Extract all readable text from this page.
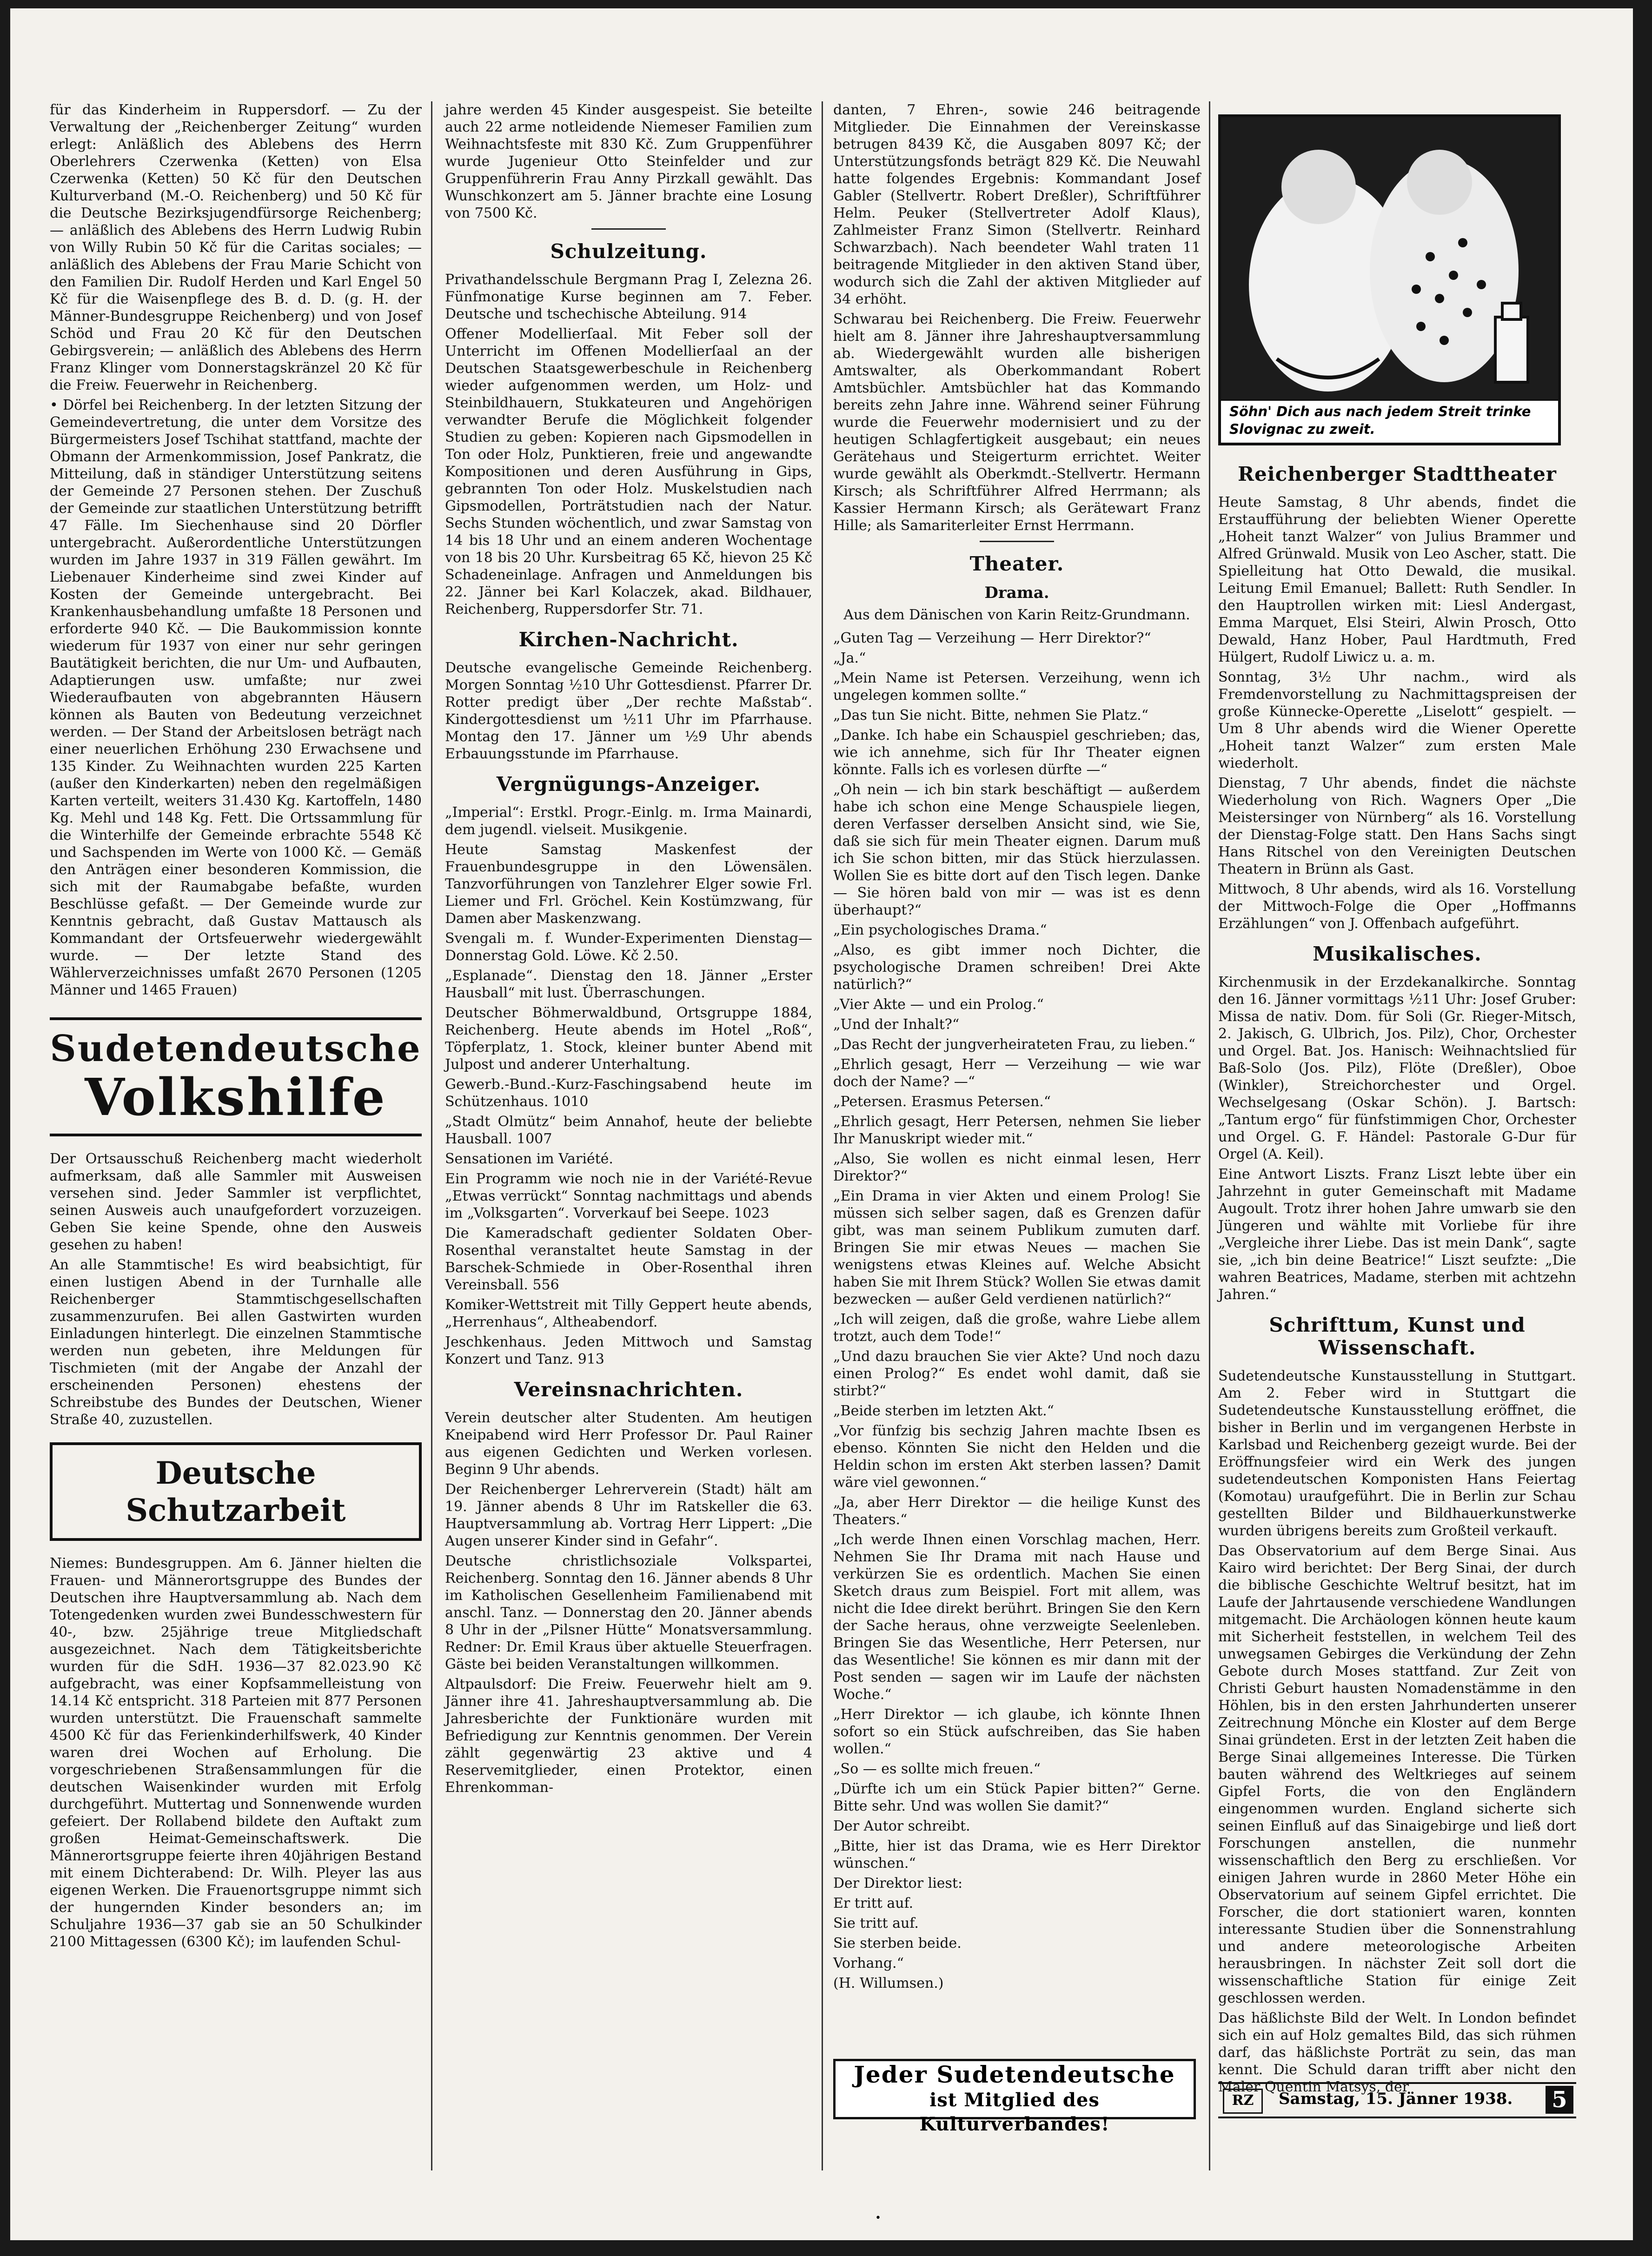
für das Kinderheim in Ruppersdorf. — Zu der Verwaltung der „Reichenberger Zeitung“ wurden erlegt: Anläßlich des Ablebens des Herrn Oberlehrers Czerwenka (Ketten) von Elsa Czerwenka (Ketten) 50 Kč für den Deutschen Kulturverband (M.-O. Reichenberg) und 50 Kč für die Deutsche Bezirksjugendfürsorge Reichenberg; — anläßlich des Ablebens des Herrn Ludwig Rubin von Willy Rubin 50 Kč für die Caritas sociales; — anläßlich des Ablebens der Frau Marie Schicht von den Familien Dir. Rudolf Herden und Karl Engel 50 Kč für die Waisenpflege des B. d. D. (g. H. der Männer-Bundesgruppe Reichenberg) und von Josef Schöd und Frau 20 Kč für den Deutschen Gebirgsverein; — anläßlich des Ablebens des Herrn Franz Klinger vom Donnerstagskränzel 20 Kč für die Freiw. Feuerwehr in Reichenberg.

• Dörfel bei Reichenberg. In der letzten Sitzung der Gemeindevertretung, die unter dem Vorsitze des Bürgermeisters Josef Tschihat stattfand, machte der Obmann der Armenkommission, Josef Pankratz, die Mitteilung, daß in ständiger Unterstützung seitens der Gemeinde 27 Personen stehen. Der Zuschuß der Gemeinde zur staatlichen Unterstützung betrifft 47 Fälle. Im Siechenhause sind 20 Dörfler untergebracht. Außerordentliche Unterstützungen wurden im Jahre 1937 in 319 Fällen gewährt. Im Liebenauer Kinderheime sind zwei Kinder auf Kosten der Gemeinde untergebracht. Bei Krankenhausbehandlung umfaßte 18 Personen und erforderte 940 Kč. — Die Baukommission konnte wiederum für 1937 von einer nur sehr geringen Bautätigkeit berichten, die nur Um- und Aufbauten, Adaptierungen usw. umfaßte; nur zwei Wiederaufbauten von abgebrannten Häusern können als Bauten von Bedeutung verzeichnet werden. — Der Stand der Arbeitslosen beträgt nach einer neuerlichen Erhöhung 230 Erwachsene und 135 Kinder. Zu Weihnachten wurden 225 Karten (außer den Kinderkarten) neben den regelmäßigen Karten verteilt, weiters 31.430 Kg. Kartoffeln, 1480 Kg. Mehl und 148 Kg. Fett. Die Ortssammlung für die Winterhilfe der Gemeinde erbrachte 5548 Kč und Sachspenden im Werte von 1000 Kč. — Gemäß den Anträgen einer besonderen Kommission, die sich mit der Raumabgabe befaßte, wurden Beschlüsse gefaßt. — Der Gemeinde wurde zur Kenntnis gebracht, daß Gustav Mattausch als Kommandant der Ortsfeuerwehr wiedergewählt wurde. — Der letzte Stand des Wählerverzeichnisses umfaßt 2670 Personen (1205 Männer und 1465 Frauen)

Sudetendeutsche
Volkshilfe

Der Ortsausschuß Reichenberg macht wiederholt aufmerksam, daß alle Sammler mit Ausweisen versehen sind. Jeder Sammler ist verpflichtet, seinen Ausweis auch unaufgefordert vorzuzeigen. Geben Sie keine Spende, ohne den Ausweis gesehen zu haben!

An alle Stammtische! Es wird beabsichtigt, für einen lustigen Abend in der Turnhalle alle Reichenberger Stammtischgesellschaften zusammenzurufen. Bei allen Gastwirten wurden Einladungen hinterlegt. Die einzelnen Stammtische werden nun gebeten, ihre Meldungen für Tischmieten (mit der Angabe der Anzahl der erscheinenden Personen) ehestens der Schreibstube des Bundes der Deutschen, Wiener Straße 40, zuzustellen.

Deutsche Schutzarbeit

Niemes: Bundesgruppen. Am 6. Jänner hielten die Frauen- und Männerortsgruppe des Bundes der Deutschen ihre Hauptversammlung ab. Nach dem Totengedenken wurden zwei Bundesschwestern für 40-, bzw. 25jährige treue Mitgliedschaft ausgezeichnet. Nach dem Tätigkeitsberichte wurden für die SdH. 1936—37 82.023.90 Kč aufgebracht, was einer Kopfsammelleistung von 14.14 Kč entspricht. 318 Parteien mit 877 Personen wurden unterstützt. Die Frauenschaft sammelte 4500 Kč für das Ferienkinderhilfswerk, 40 Kinder waren drei Wochen auf Erholung. Die vorgeschriebenen Straßensammlungen für die deutschen Waisenkinder wurden mit Erfolg durchgeführt. Muttertag und Sonnenwende wurden gefeiert. Der Rollabend bildete den Auftakt zum großen Heimat-Gemeinschaftswerk. Die Männerortsgruppe feierte ihren 40jährigen Bestand mit einem Dichterabend: Dr. Wilh. Pleyer las aus eigenen Werken. Die Frauenortsgruppe nimmt sich der hungernden Kinder besonders an; im Schuljahre 1936—37 gab sie an 50 Schulkinder 2100 Mittagessen (6300 Kč); im laufenden Schul-

jahre werden 45 Kinder ausgespeist. Sie beteilte auch 22 arme notleidende Niemeser Familien zum Weihnachtsfeste mit 830 Kč. Zum Gruppenführer wurde Jugenieur Otto Steinfelder und zur Gruppenführerin Frau Anny Pirzkall gewählt. Das Wunschkonzert am 5. Jänner brachte eine Losung von 7500 Kč.

Schulzeitung.

Privathandelsschule Bergmann Prag I, Zelezna 26. Fünfmonatige Kurse beginnen am 7. Feber. Deutsche und tschechische Abteilung. 914

Offener Modellierſaal. Mit Feber soll der Unterricht im Offenen Modellierſaal an der Deutschen Staatsgewerbeschule in Reichenberg wieder aufgenommen werden, um Holz- und Steinbildhauern, Stukkateuren und Angehörigen verwandter Berufe die Möglichkeit folgender Studien zu geben: Kopieren nach Gipsmodellen in Ton oder Holz, Punktieren, freie und angewandte Kompositionen und deren Ausführung in Gips, gebrannten Ton oder Holz. Muskelstudien nach Gipsmodellen, Porträtstudien nach der Natur. Sechs Stunden wöchentlich, und zwar Samstag von 14 bis 18 Uhr und an einem anderen Wochentage von 18 bis 20 Uhr. Kursbeitrag 65 Kč, hievon 25 Kč Schadeneinlage. Anfragen und Anmeldungen bis 22. Jänner bei Karl Kolaczek, akad. Bildhauer, Reichenberg, Ruppersdorfer Str. 71.

Kirchen-Nachricht.

Deutsche evangelische Gemeinde Reichenberg. Morgen Sonntag ½10 Uhr Gottesdienst. Pfarrer Dr. Rotter predigt über „Der rechte Maßstab“. Kindergottesdienst um ½11 Uhr im Pfarrhause. Montag den 17. Jänner um ½9 Uhr abends Erbauungsstunde im Pfarrhause.

Vergnügungs-Anzeiger.

„Imperial“: Erstkl. Progr.-Einlg. m. Irma Mainardi, dem jugendl. vielseit. Musikgenie.

Heute Samstag Maskenfest der Frauenbundesgruppe in den Löwensälen. Tanzvorführungen von Tanzlehrer Elger sowie Frl. Liemer und Frl. Gröchel. Kein Kostümzwang, für Damen aber Maskenzwang.

Svengali m. f. Wunder-Experimenten Dienstag—Donnerstag Gold. Löwe. Kč 2.50.

„Esplanade“. Dienstag den 18. Jänner „Erster Hausball“ mit lust. Überraschungen.

Deutscher Böhmerwaldbund, Ortsgruppe 1884, Reichenberg. Heute abends im Hotel „Roß“, Töpferplatz, 1. Stock, kleiner bunter Abend mit Julpost und anderer Unterhaltung.

Gewerb.-Bund.-Kurz-Faschingsabend heute im Schützenhaus. 1010

„Stadt Olmütz“ beim Annahof, heute der beliebte Hausball. 1007

Sensationen im Variété.

Ein Programm wie noch nie in der Variété-Revue „Etwas verrückt“ Sonntag nachmittags und abends im „Volksgarten“. Vorverkauf bei Seepe. 1023

Die Kameradschaft gedienter Soldaten Ober-Rosenthal veranstaltet heute Samstag in der Barschek-Schmiede in Ober-Rosenthal ihren Vereinsball. 556

Komiker-Wettstreit mit Tilly Geppert heute abends, „Herrenhaus“, Altheabendorf.

Jeschkenhaus. Jeden Mittwoch und Samstag Konzert und Tanz. 913

Vereinsnachrichten.

Verein deutscher alter Studenten. Am heutigen Kneipabend wird Herr Professor Dr. Paul Rainer aus eigenen Gedichten und Werken vorlesen. Beginn 9 Uhr abends.

Der Reichenberger Lehrerverein (Stadt) hält am 19. Jänner abends 8 Uhr im Ratskeller die 63. Hauptversammlung ab. Vortrag Herr Lippert: „Die Augen unserer Kinder sind in Gefahr“.

Deutsche christlichsoziale Volkspartei, Reichenberg. Sonntag den 16. Jänner abends 8 Uhr im Katholischen Gesellenheim Familienabend mit anschl. Tanz. — Donnerstag den 20. Jänner abends 8 Uhr in der „Pilsner Hütte“ Monatsversammlung. Redner: Dr. Emil Kraus über aktuelle Steuerfragen. Gäste bei beiden Veranstaltungen willkommen.

Altpaulsdorf: Die Freiw. Feuerwehr hielt am 9. Jänner ihre 41. Jahreshauptversammlung ab. Die Jahresberichte der Funktionäre wurden mit Befriedigung zur Kenntnis genommen. Der Verein zählt gegenwärtig 23 aktive und 4 Reservemitglieder, einen Protektor, einen Ehrenkomman-

danten, 7 Ehren-, sowie 246 beitragende Mitglieder. Die Einnahmen der Vereinskasse betrugen 8439 Kč, die Ausgaben 8097 Kč; der Unterstützungsfonds beträgt 829 Kč. Die Neuwahl hatte folgendes Ergebnis: Kommandant Josef Gabler (Stellvertr. Robert Dreßler), Schriftführer Helm. Peuker (Stellvertreter Adolf Klaus), Zahlmeister Franz Simon (Stellvertr. Reinhard Schwarzbach). Nach beendeter Wahl traten 11 beitragende Mitglieder in den aktiven Stand über, wodurch sich die Zahl der aktiven Mitglieder auf 34 erhöht.

Schwarau bei Reichenberg. Die Freiw. Feuerwehr hielt am 8. Jänner ihre Jahreshauptversammlung ab. Wiedergewählt wurden alle bisherigen Amtswalter, als Oberkommandant Robert Amtsbüchler. Amtsbüchler hat das Kommando bereits zehn Jahre inne. Während seiner Führung wurde die Feuerwehr modernisiert und zu der heutigen Schlagfertigkeit ausgebaut; ein neues Gerätehaus und Steigerturm errichtet. Weiter wurde gewählt als Oberkmdt.-Stellvertr. Hermann Kirsch; als Schriftführer Alfred Herrmann; als Kassier Hermann Kirsch; als Gerätewart Franz Hille; als Samariterleiter Ernst Herrmann.

Theater.
Drama.
Aus dem Dänischen von Karin Reitz-Grundmann.

„Guten Tag — Verzeihung — Herr Direktor?“

„Ja.“

„Mein Name ist Petersen. Verzeihung, wenn ich ungelegen kommen sollte.“

„Das tun Sie nicht. Bitte, nehmen Sie Platz.“

„Danke. Ich habe ein Schauspiel geschrieben; das, wie ich annehme, sich für Ihr Theater eignen könnte. Falls ich es vorlesen dürfte —“

„Oh nein — ich bin stark beschäftigt — außerdem habe ich schon eine Menge Schauspiele liegen, deren Verfasser derselben Ansicht sind, wie Sie, daß sie sich für mein Theater eignen. Darum muß ich Sie schon bitten, mir das Stück hierzulassen. Wollen Sie es bitte dort auf den Tisch legen. Danke — Sie hören bald von mir — was ist es denn überhaupt?“

„Ein psychologisches Drama.“

„Also, es gibt immer noch Dichter, die psychologische Dramen schreiben! Drei Akte natürlich?“

„Vier Akte — und ein Prolog.“

„Und der Inhalt?“

„Das Recht der jungverheirateten Frau, zu lieben.“

„Ehrlich gesagt, Herr — Verzeihung — wie war doch der Name? —“

„Petersen. Erasmus Petersen.“

„Ehrlich gesagt, Herr Petersen, nehmen Sie lieber Ihr Manuskript wieder mit.“

„Also, Sie wollen es nicht einmal lesen, Herr Direktor?“

„Ein Drama in vier Akten und einem Prolog! Sie müssen sich selber sagen, daß es Grenzen dafür gibt, was man seinem Publikum zumuten darf. Bringen Sie mir etwas Neues — machen Sie wenigstens etwas Kleines auf. Welche Absicht haben Sie mit Ihrem Stück? Wollen Sie etwas damit bezwecken — außer Geld verdienen natürlich?“

„Ich will zeigen, daß die große, wahre Liebe allem trotzt, auch dem Tode!“

„Und dazu brauchen Sie vier Akte? Und noch dazu einen Prolog?“ Es endet wohl damit, daß sie stirbt?“

„Beide sterben im letzten Akt.“

„Vor fünfzig bis sechzig Jahren machte Ibsen es ebenso. Könnten Sie nicht den Helden und die Heldin schon im ersten Akt sterben lassen? Damit wäre viel gewonnen.“

„Ja, aber Herr Direktor — die heilige Kunst des Theaters.“

„Ich werde Ihnen einen Vorschlag machen, Herr. Nehmen Sie Ihr Drama mit nach Hause und verkürzen Sie es ordentlich. Machen Sie einen Sketch draus zum Beispiel. Fort mit allem, was nicht die Idee direkt berührt. Bringen Sie den Kern der Sache heraus, ohne verzweigte Seelenleben. Bringen Sie das Wesentliche, Herr Petersen, nur das Wesentliche! Sie können es mir dann mit der Post senden — sagen wir im Laufe der nächsten Woche.“

„Herr Direktor — ich glaube, ich könnte Ihnen sofort so ein Stück aufschreiben, das Sie haben wollen.“

„So — es sollte mich freuen.“

„Dürfte ich um ein Stück Papier bitten?“ Gerne. Bitte sehr. Und was wollen Sie damit?“

Der Autor schreibt.

„Bitte, hier ist das Drama, wie es Herr Direktor wünschen.“

Der Direktor liest:

Er tritt auf.

Sie tritt auf.

Sie sterben beide.

Vorhang.“

(H. Willumsen.)

Jeder Sudetendeutsche
ist Mitglied des Kulturverbandes!
Söhn' Dich aus nach jedem Streit trinke Slovignac zu zweit.
Reichenberger Stadttheater

Heute Samstag, 8 Uhr abends, findet die Erstaufführung der beliebten Wiener Operette „Hoheit tanzt Walzer“ von Julius Brammer und Alfred Grünwald. Musik von Leo Ascher, statt. Die Spielleitung hat Otto Dewald, die musikal. Leitung Emil Emanuel; Ballett: Ruth Sendler. In den Hauptrollen wirken mit: Liesl Andergast, Emma Marquet, Elsi Steiri, Alwin Prosch, Otto Dewald, Hanz Hober, Paul Hardtmuth, Fred Hülgert, Rudolf Liwicz u. a. m.

Sonntag, 3½ Uhr nachm., wird als Fremdenvorstellung zu Nachmittagspreisen der große Künnecke-Operette „Liselott“ gespielt. — Um 8 Uhr abends wird die Wiener Operette „Hoheit tanzt Walzer“ zum ersten Male wiederholt.

Dienstag, 7 Uhr abends, findet die nächste Wiederholung von Rich. Wagners Oper „Die Meistersinger von Nürnberg“ als 16. Vorstellung der Dienstag-Folge statt. Den Hans Sachs singt Hans Ritschel von den Vereinigten Deutschen Theatern in Brünn als Gast.

Mittwoch, 8 Uhr abends, wird als 16. Vorstellung der Mittwoch-Folge die Oper „Hoffmanns Erzählungen“ von J. Offenbach aufgeführt.

Musikalisches.

Kirchenmusik in der Erzdekanalkirche. Sonntag den 16. Jänner vormittags ½11 Uhr: Josef Gruber: Missa de nativ. Dom. für Soli (Gr. Rieger-Mitsch, 2. Jakisch, G. Ulbrich, Jos. Pilz), Chor, Orchester und Orgel. Bat. Jos. Hanisch: Weihnachtslied für Baß-Solo (Jos. Pilz), Flöte (Dreßler), Oboe (Winkler), Streichorchester und Orgel. Wechselgesang (Oskar Schön). J. Bartsch: „Tantum ergo“ für fünfstimmigen Chor, Orchester und Orgel. G. F. Händel: Pastorale G-Dur für Orgel (A. Keil).

Eine Antwort Liszts. Franz Liszt lebte über ein Jahrzehnt in guter Gemeinschaft mit Madame Augoult. Trotz ihrer hohen Jahre umwarb sie den Jüngeren und wählte mit Vorliebe für ihre „Vergleiche ihrer Liebe. Das ist mein Dank“, sagte sie, „ich bin deine Beatrice!“ Liszt seufzte: „Die wahren Beatrices, Madame, sterben mit achtzehn Jahren.“

Schrifttum, Kunst und Wissenschaft.

Sudetendeutsche Kunstausstellung in Stuttgart. Am 2. Feber wird in Stuttgart die Sudetendeutsche Kunstausstellung eröffnet, die bisher in Berlin und im vergangenen Herbste in Karlsbad und Reichenberg gezeigt wurde. Bei der Eröffnungsfeier wird ein Werk des jungen sudetendeutschen Komponisten Hans Feiertag (Komotau) uraufgeführt. Die in Berlin zur Schau gestellten Bilder und Bildhauerkunstwerke wurden übrigens bereits zum Großteil verkauft.

Das Observatorium auf dem Berge Sinai. Aus Kairo wird berichtet: Der Berg Sinai, der durch die biblische Geschichte Weltruf besitzt, hat im Laufe der Jahrtausende verschiedene Wandlungen mitgemacht. Die Archäologen können heute kaum mit Sicherheit feststellen, in welchem Teil des unwegsamen Gebirges die Verkündung der Zehn Gebote durch Moses stattfand. Zur Zeit von Christi Geburt hausten Nomadenstämme in den Höhlen, bis in den ersten Jahrhunderten unserer Zeitrechnung Mönche ein Kloster auf dem Berge Sinai gründeten. Erst in der letzten Zeit haben die Berge Sinai allgemeines Interesse. Die Türken bauten während des Weltkrieges auf seinem Gipfel Forts, die von den Engländern eingenommen wurden. England sicherte sich seinen Einfluß auf das Sinaigebirge und ließ dort Forschungen anstellen, die nunmehr wissenschaftlich den Berg zu erschließen. Vor einigen Jahren wurde in 2860 Meter Höhe ein Observatorium auf seinem Gipfel errichtet. Die Forscher, die dort stationiert waren, konnten interessante Studien über die Sonnenstrahlung und andere meteorologische Arbeiten herausbringen. In nächster Zeit soll dort die wissenschaftliche Station für einige Zeit geschlossen werden.

Das häßlichste Bild der Welt. In London befindet sich ein auf Holz gemaltes Bild, das sich rühmen darf, das häßlichste Porträt zu sein, das man kennt. Die Schuld daran trifft aber nicht den Maler Quentin Matsys, der

RZ	Samstag, 15. Jänner 1938. 5
•
